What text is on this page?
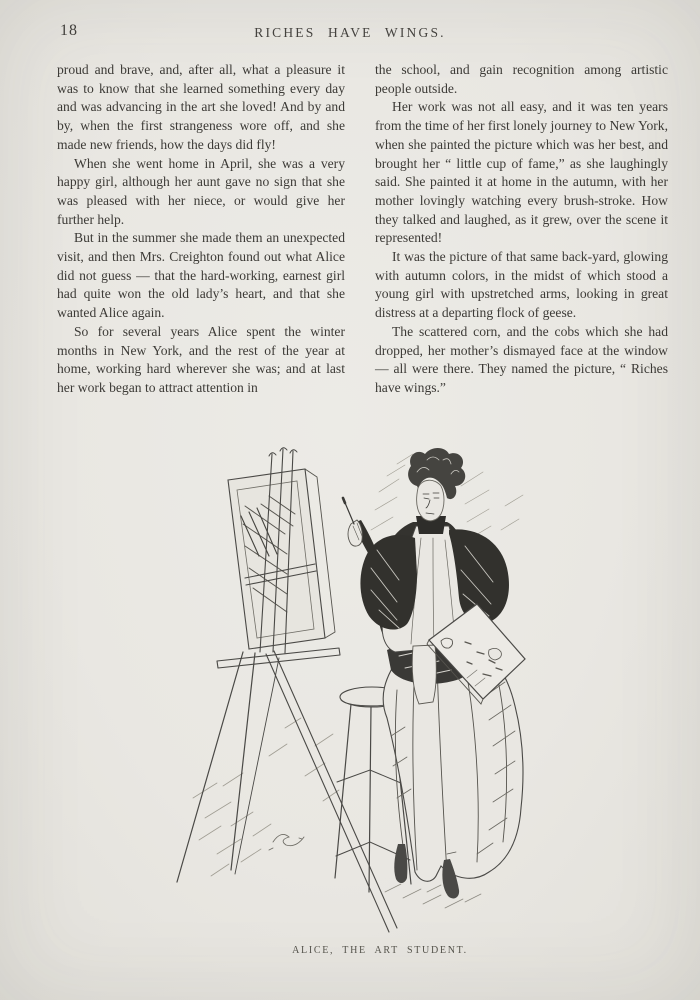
18	RICHES HAVE WINGS.

proud and brave, and, after all, what a pleasure it was to know that she learned something every day and was advancing in the art she loved! And by and by, when the first strangeness wore off, and she made new friends, how the days did fly!

When she went home in April, she was a very happy girl, although her aunt gave no sign that she was pleased with her niece, or would give her further help.

But in the summer she made them an unexpected visit, and then Mrs. Creighton found out what Alice did not guess — that the hard-working, earnest girl had quite won the old lady’s heart, and that she wanted Alice again.

So for several years Alice spent the winter months in New York, and the rest of the year at home, working hard wherever she was; and at last her work began to attract attention in

the school, and gain recognition among artistic people outside.

Her work was not all easy, and it was ten years from the time of her first lonely journey to New York, when she painted the picture which was her best, and brought her “ little cup of fame,” as she laughingly said. She painted it at home in the autumn, with her mother lovingly watching every brush-stroke. How they talked and laughed, as it grew, over the scene it represented!

It was the picture of that same back-yard, glowing with autumn colors, in the midst of which stood a young girl with upstretched arms, looking in great distress at a departing flock of geese.

The scattered corn, and the cobs which she had dropped, her mother’s dismayed face at the window — all were there. They named the picture, “ Riches have wings.”

ALICE, THE ART STUDENT.
